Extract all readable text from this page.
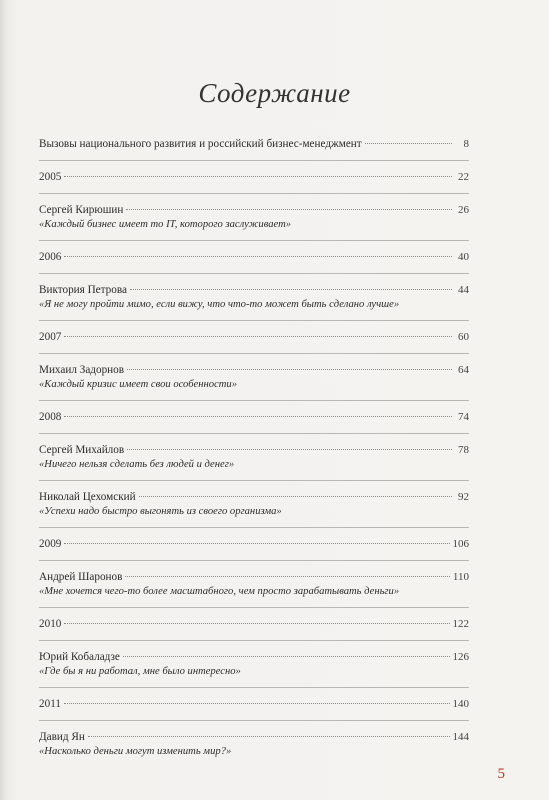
Содержание
Вызовы национального развития и российский бизнес-менеджмент	8
2005	22
Сергей Кирюшин	26
«Каждый бизнес имеет то IT, которого заслуживает»
2006	40
Виктория Петрова	44
«Я не могу пройти мимо, если вижу, что что-то может быть сделано лучше»
2007	60
Михаил Задорнов	64
«Каждый кризис имеет свои особенности»
2008	74
Сергей Михайлов	78
«Ничего нельзя сделать без людей и денег»
Николай Цехомский	92
«Успехи надо быстро выгонять из своего организма»
2009	106
Андрей Шаронов	110
«Мне хочется чего-то более масштабного, чем просто зарабатывать деньги»
2010	122
Юрий Кобаладзе	126
«Где бы я ни работал, мне было интересно»
2011	140
Давид Ян	144
«Насколько деньги могут изменить мир?»
5
